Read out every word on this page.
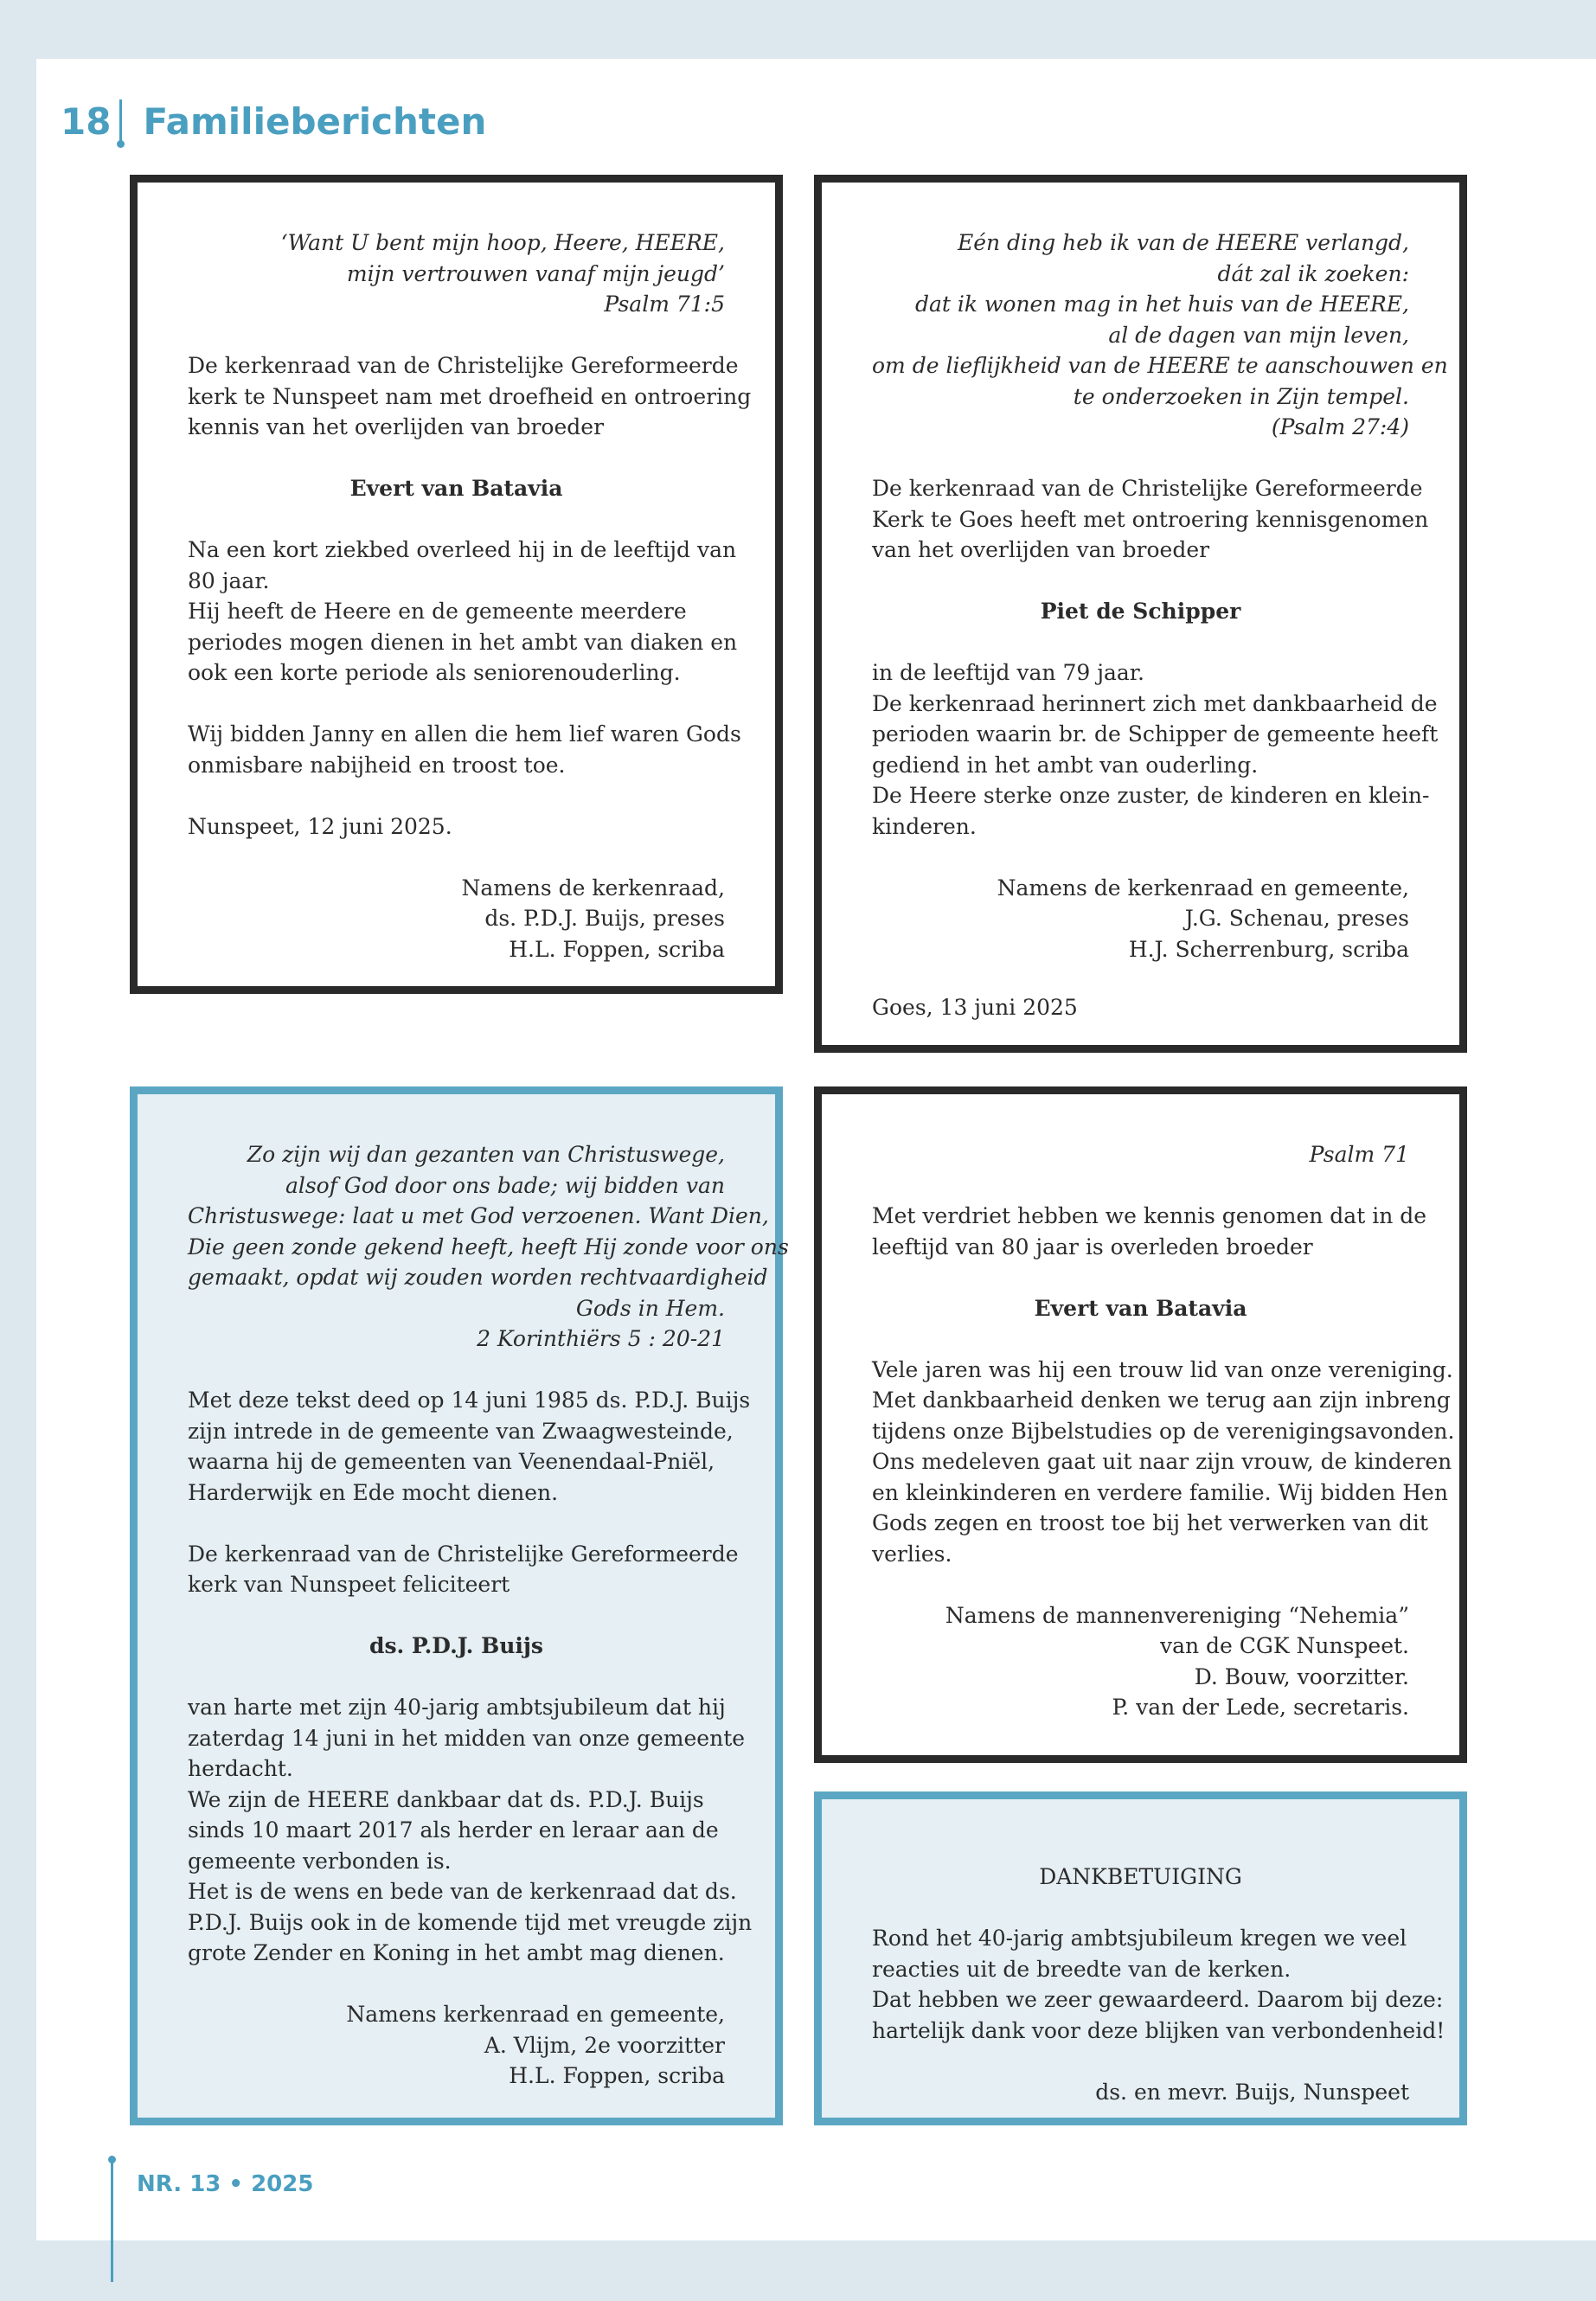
18 Familieberichten
‘Want U bent mijn hoop, Heere, HEERE,
mijn vertrouwen vanaf mijn jeugd’
Psalm 71:5
De kerkenraad van de Christelijke Gereformeerde
kerk te Nunspeet nam met droefheid en ontroering
kennis van het overlijden van broeder
Evert van Batavia
Na een kort ziekbed overleed hij in de leeftijd van
80 jaar.
Hij heeft de Heere en de gemeente meerdere
periodes mogen dienen in het ambt van diaken en
ook een korte periode als seniorenouderling.
Wij bidden Janny en allen die hem lief waren Gods
onmisbare nabijheid en troost toe.
Nunspeet, 12 juni 2025.
Namens de kerkenraad,
ds. P.D.J. Buijs, preses
H.L. Foppen, scriba
Eén ding heb ik van de HEERE verlangd,
dát zal ik zoeken:
dat ik wonen mag in het huis van de HEERE,
al de dagen van mijn leven,
om de lieflijkheid van de HEERE te aanschouwen en
te onderzoeken in Zijn tempel.
(Psalm 27:4)
De kerkenraad van de Christelijke Gereformeerde
Kerk te Goes heeft met ontroering kennisgenomen
van het overlijden van broeder
Piet de Schipper
in de leeftijd van 79 jaar.
De kerkenraad herinnert zich met dankbaarheid de
perioden waarin br. de Schipper de gemeente heeft
gediend in het ambt van ouderling.
De Heere sterke onze zuster, de kinderen en klein-
kinderen.
Namens de kerkenraad en gemeente,
J.G. Schenau, preses
H.J. Scherrenburg, scriba
Goes, 13 juni 2025
Zo zijn wij dan gezanten van Christuswege,
alsof God door ons bade; wij bidden van
Christuswege: laat u met God verzoenen. Want Dien,
Die geen zonde gekend heeft, heeft Hij zonde voor ons
gemaakt, opdat wij zouden worden rechtvaardigheid
Gods in Hem.
2 Korinthiërs 5 : 20-21
Met deze tekst deed op 14 juni 1985 ds. P.D.J. Buijs
zijn intrede in de gemeente van Zwaagwesteinde,
waarna hij de gemeenten van Veenendaal-Pniël,
Harderwijk en Ede mocht dienen.
De kerkenraad van de Christelijke Gereformeerde
kerk van Nunspeet feliciteert
ds. P.D.J. Buijs
van harte met zijn 40-jarig ambtsjubileum dat hij
zaterdag 14 juni in het midden van onze gemeente
herdacht.
We zijn de HEERE dankbaar dat ds. P.D.J. Buijs
sinds 10 maart 2017 als herder en leraar aan de
gemeente verbonden is.
Het is de wens en bede van de kerkenraad dat ds.
P.D.J. Buijs ook in de komende tijd met vreugde zijn
grote Zender en Koning in het ambt mag dienen.
Namens kerkenraad en gemeente,
A. Vlijm, 2e voorzitter
H.L. Foppen, scriba
Psalm 71
Met verdriet hebben we kennis genomen dat in de
leeftijd van 80 jaar is overleden broeder
Evert van Batavia
Vele jaren was hij een trouw lid van onze vereniging.
Met dankbaarheid denken we terug aan zijn inbreng
tijdens onze Bijbelstudies op de verenigingsavonden.
Ons medeleven gaat uit naar zijn vrouw, de kinderen
en kleinkinderen en verdere familie. Wij bidden Hen
Gods zegen en troost toe bij het verwerken van dit
verlies.
Namens de mannenvereniging “Nehemia”
van de CGK Nunspeet.
D. Bouw, voorzitter.
P. van der Lede, secretaris.
DANKBETUIGING
Rond het 40-jarig ambtsjubileum kregen we veel
reacties uit de breedte van de kerken.
Dat hebben we zeer gewaardeerd. Daarom bij deze:
hartelijk dank voor deze blijken van verbondenheid!
ds. en mevr. Buijs, Nunspeet
NR. 13 • 2025
